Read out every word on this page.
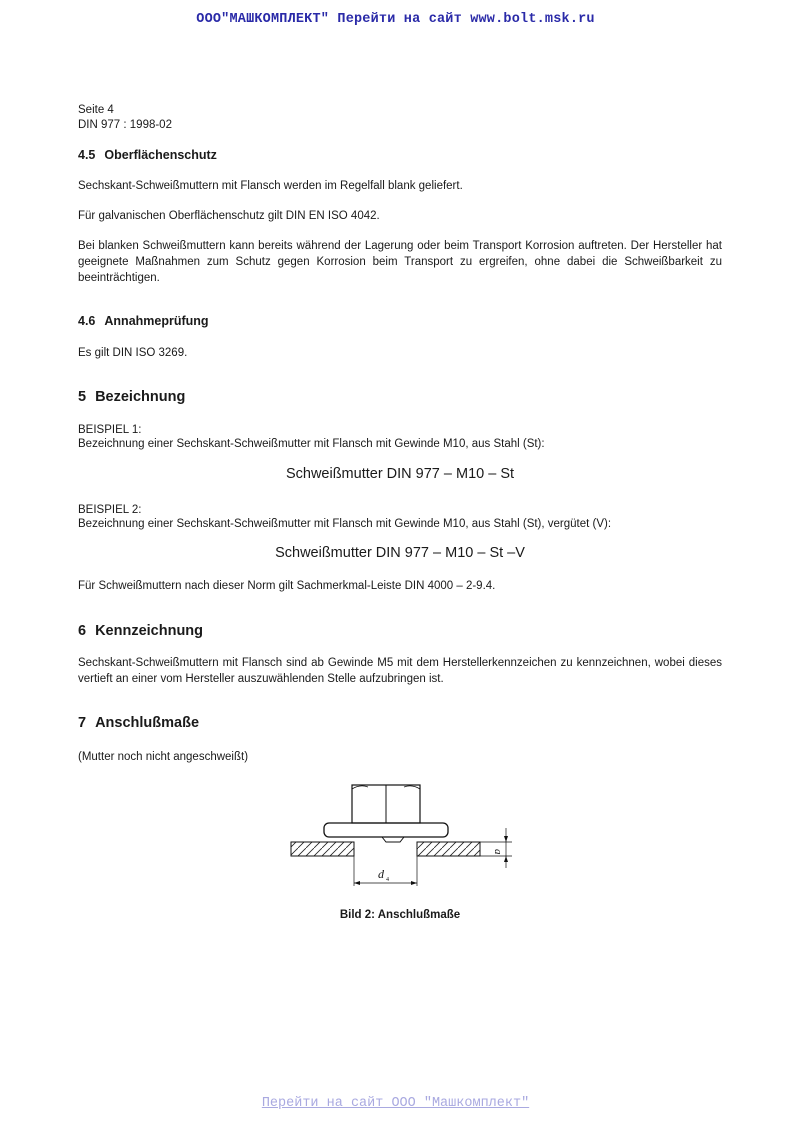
ООО"МАШКОМПЛЕКТ" Перейти на сайт www.bolt.msk.ru
Seite 4
DIN 977 : 1998-02
4.5 Oberflächenschutz
Sechskant-Schweißmuttern mit Flansch werden im Regelfall blank geliefert.
Für galvanischen Oberflächenschutz gilt DIN EN ISO 4042.
Bei blanken Schweißmuttern kann bereits während der Lagerung oder beim Transport Korrosion auftreten. Der Hersteller hat geeignete Maßnahmen zum Schutz gegen Korrosion beim Transport zu ergreifen, ohne dabei die Schweißbarkeit zu beeinträchtigen.
4.6 Annahmeprüfung
Es gilt DIN ISO 3269.
5 Bezeichnung
BEISPIEL 1:
Bezeichnung einer Sechskant-Schweißmutter mit Flansch mit Gewinde M10, aus Stahl (St):
Schweißmutter DIN 977 – M10 – St
BEISPIEL 2:
Bezeichnung einer Sechskant-Schweißmutter mit Flansch mit Gewinde M10, aus Stahl (St), vergütet (V):
Schweißmutter DIN 977 – M10 – St –V
Für Schweißmuttern nach dieser Norm gilt Sachmerkmal-Leiste DIN 4000 – 2-9.4.
6 Kennzeichnung
Sechskant-Schweißmuttern mit Flansch sind ab Gewinde M5 mit dem Herstellerkennzeichen zu kennzeichnen, wobei dieses vertieft an einer vom Hersteller auszuwählenden Stelle aufzubringen ist.
7 Anschlußmaße
(Mutter noch nicht angeschweißt)
d 4
a
Bild 2: Anschlußmaße
Перейти на сайт ООО "Машкомплект"
